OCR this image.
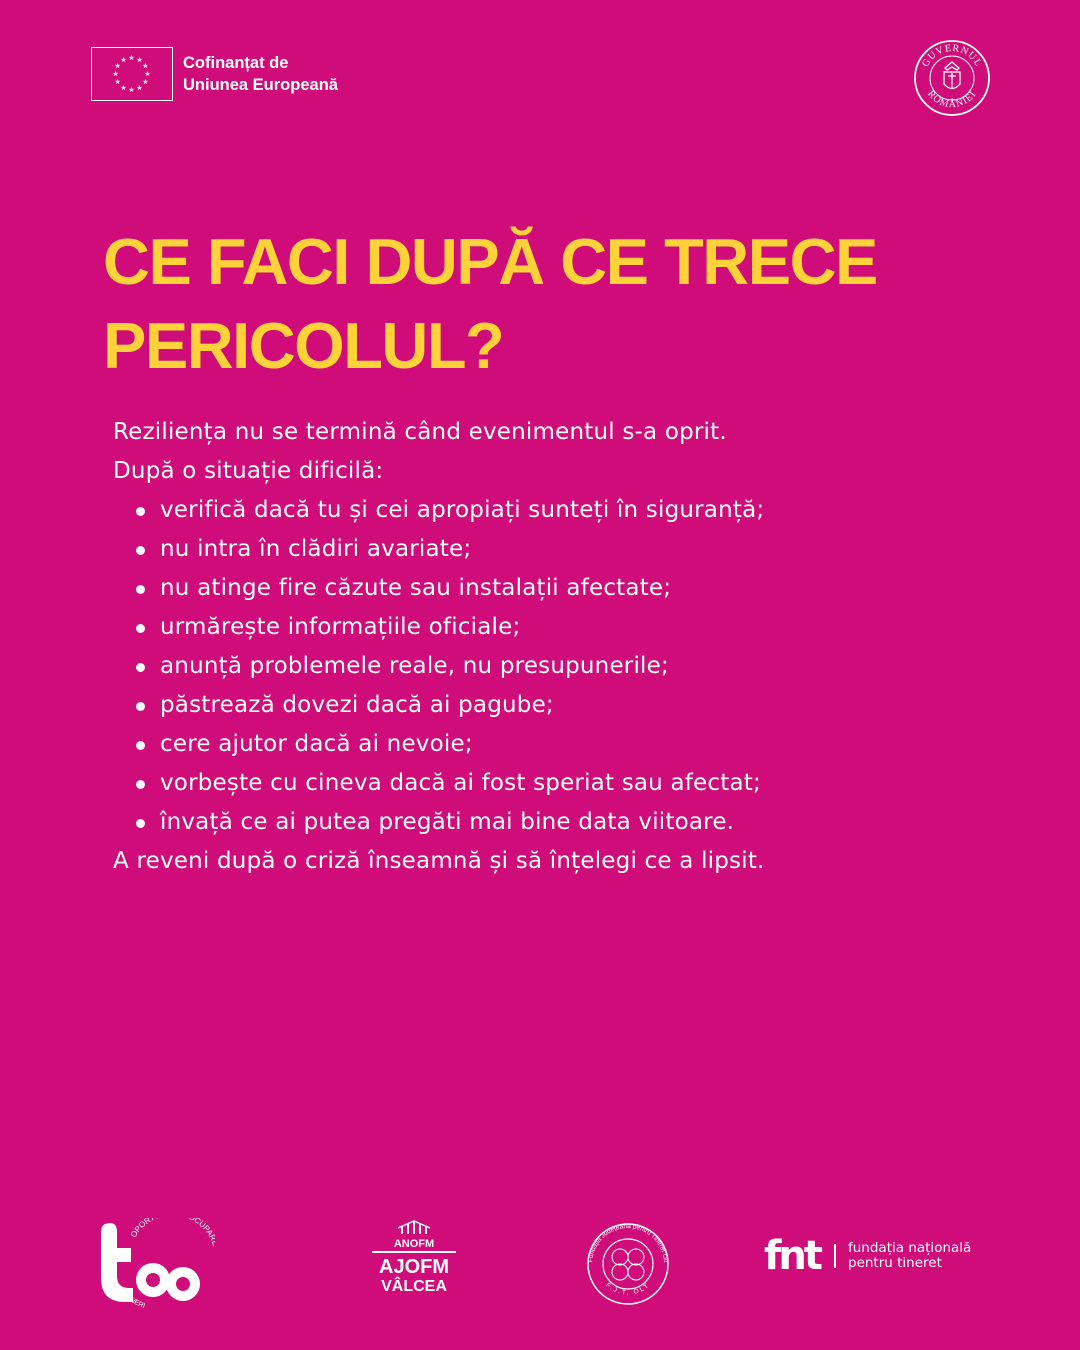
★ ★
★
★
★
★
★
★
★
★
★
★	Cofinanțat de
Uniunea Europeană
GUVERNUL
ROMÂNIEI
CE FACI DUPĂ CE TRECE
PERICOLUL?

Reziliența nu se termină când evenimentul s-a oprit.

După o situație dificilă:

verifică dacă tu și cei apropiați sunteți în siguranță;
nu intra în clădiri avariate;
nu atinge fire căzute sau instalații afectate;
urmărește informațiile oficiale;
anunță problemele reale, nu presupunerile;
păstrează dovezi dacă ai pagube;
cere ajutor dacă ai nevoie;
vorbește cu cineva dacă ai fost speriat sau afectat;
învață ce ai putea pregăti mai bine data viitoare.

A reveni după o criză înseamnă și să înțelegi ce a lipsit.

OPOR CUPA
TINERI
ANOFM
AJOFM
VÂLCEA
Fundația Județeană pentru Tineret Olt
F.J.T. OLT
fnt fundația națională
pentru tineret
